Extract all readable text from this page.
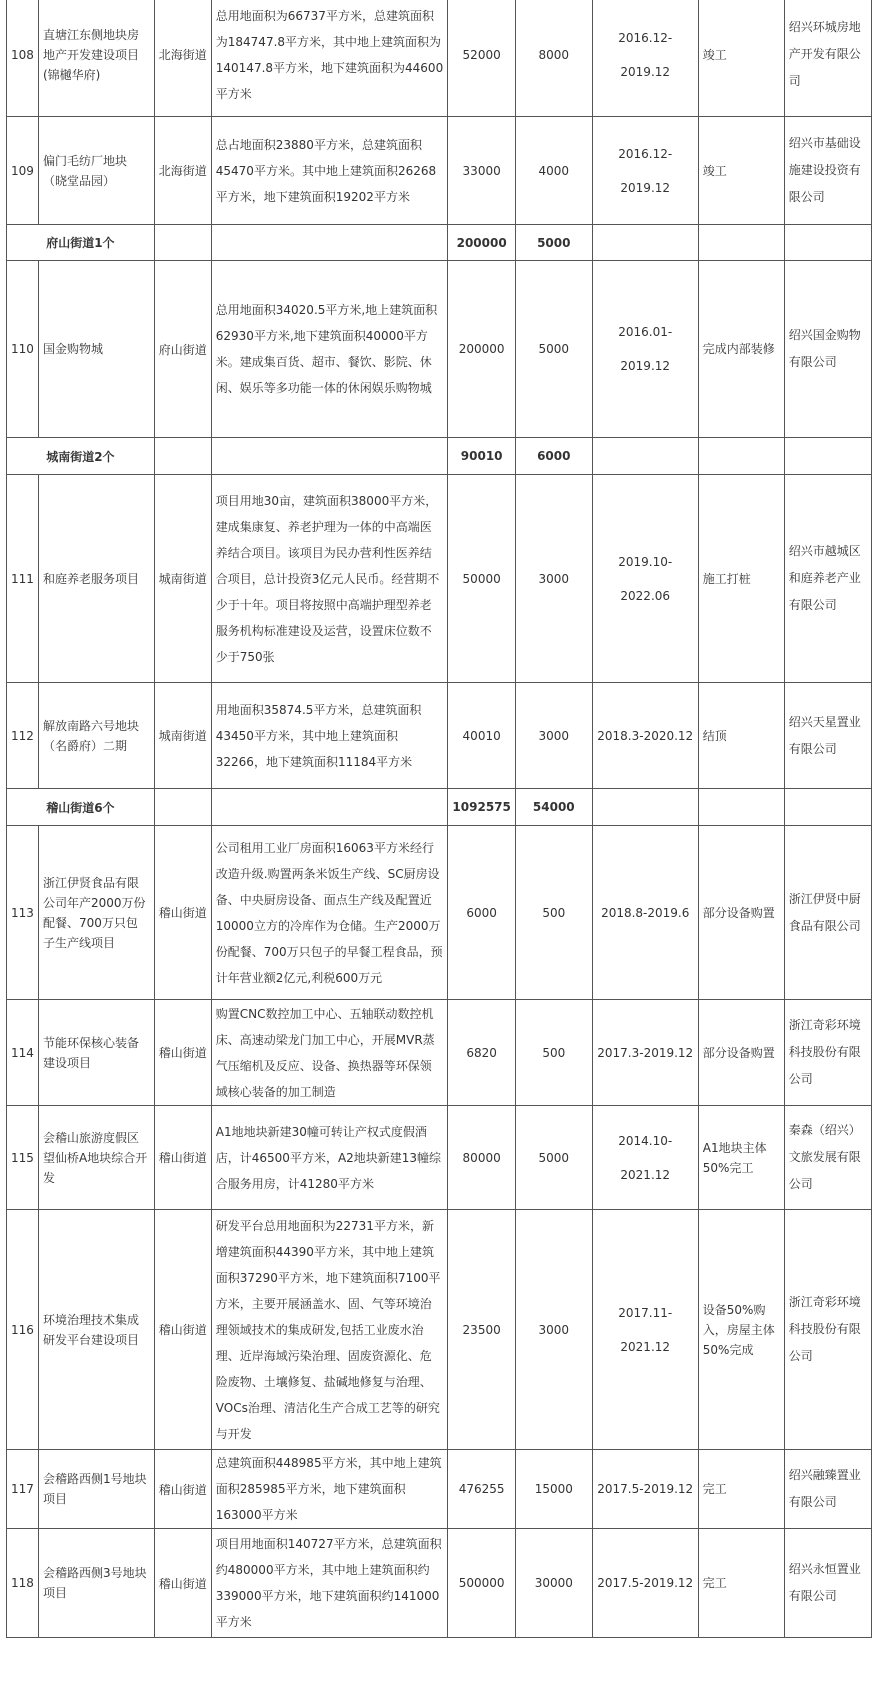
108	直塘江东侧地块房地产开发建设项目(锦樾华府)	北海街道	总用地面积为66737平方米，总建筑面积为184747.8平方米，其中地上建筑面积为140147.8平方米，地下建筑面积为44600平方米	52000	8000	2016.12-2019.12	竣工	绍兴环城房地产开发有限公司
109	偏门毛纺厂地块（晓堂品园）	北海街道	总占地面积23880平方米，总建筑面积45470平方米。其中地上建筑面积26268平方米，地下建筑面积19202平方米	33000	4000	2016.12-2019.12	竣工	绍兴市基础设施建设投资有限公司
府山街道1个				200000	5000			
110	国金购物城	府山街道	总用地面积34020.5平方米,地上建筑面积62930平方米,地下建筑面积40000平方米。建成集百货、超市、餐饮、影院、休闲、娱乐等多功能一体的休闲娱乐购物城	200000	5000	2016.01-2019.12	完成内部装修	绍兴国金购物有限公司
城南街道2个				90010	6000			
111	和庭养老服务项目	城南街道	项目用地30亩，建筑面积38000平方米，建成集康复、养老护理为一体的中高端医养结合项目。该项目为民办营利性医养结合项目，总计投资3亿元人民币。经营期不少于十年。项目将按照中高端护理型养老服务机构标准建设及运营，设置床位数不少于750张	50000	3000	2019.10-2022.06	施工打桩	绍兴市越城区和庭养老产业有限公司
112	解放南路六号地块（名爵府）二期	城南街道	用地面积35874.5平方米，总建筑面积43450平方米，其中地上建筑面积32266，地下建筑面积11184平方米	40010	3000	2018.3-2020.12	结顶	绍兴天星置业有限公司
稽山街道6个				1092575	54000			
113	浙江伊贤食品有限公司年产2000万份配餐、700万只包子生产线项目	稽山街道	公司租用工业厂房面积16063平方米经行改造升级.购置两条米饭生产线、SC厨房设备、中央厨房设备、面点生产线及配置近10000立方的冷库作为仓储。生产2000万份配餐、700万只包子的早餐工程食品，预计年营业额2亿元,利税600万元	6000	500	2018.8-2019.6	部分设备购置	浙江伊贤中厨食品有限公司
114	节能环保核心装备建设项目	稽山街道	购置CNC数控加工中心、五轴联动数控机床、高速动梁龙门加工中心，开展MVR蒸气压缩机及反应、设备、换热器等环保领域核心装备的加工制造	6820	500	2017.3-2019.12	部分设备购置	浙江奇彩环境科技股份有限公司
115	会稽山旅游度假区望仙桥A地块综合开发	稽山街道	A1地地块新建30幢可转让产权式度假酒店，计46500平方米，A2地块新建13幢综合服务用房，计41280平方米	80000	5000	2014.10-2021.12	A1地块主体50%完工	秦森（绍兴）文旅发展有限公司
116	环境治理技术集成研发平台建设项目	稽山街道	研发平台总用地面积为22731平方米，新增建筑面积44390平方米，其中地上建筑面积37290平方米，地下建筑面积7100平方米，主要开展涵盖水、固、气等环境治理领域技术的集成研发,包括工业废水治理、近岸海域污染治理、固废资源化、危险废物、土壤修复、盐碱地修复与治理、VOCs治理、清洁化生产合成工艺等的研究与开发	23500	3000	2017.11-2021.12	设备50%购入，房屋主体50%完成	浙江奇彩环境科技股份有限公司
117	会稽路西侧1号地块项目	稽山街道	总建筑面积448985平方米，其中地上建筑面积285985平方米，地下建筑面积163000平方米	476255	15000	2017.5-2019.12	完工	绍兴融臻置业有限公司
118	会稽路西侧3号地块项目	稽山街道	项目用地面积140727平方米，总建筑面积约480000平方米，其中地上建筑面积约339000平方米，地下建筑面积约141000平方米	500000	30000	2017.5-2019.12	完工	绍兴永恒置业有限公司
